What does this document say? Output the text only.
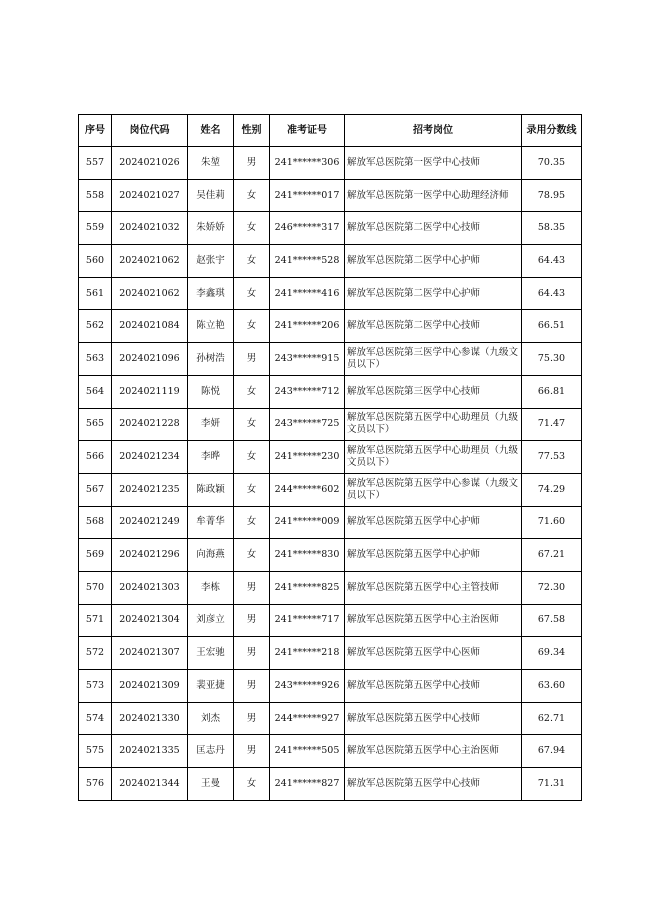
序号	岗位代码	姓名	性别	准考证号	招考岗位	录用分数线
557	2024021026	朱堃	男	241******306	解放军总医院第一医学中心技师	70.35
558	2024021027	吴佳莉	女	241******017	解放军总医院第一医学中心助理经济师	78.95
559	2024021032	朱娇娇	女	246******317	解放军总医院第二医学中心技师	58.35
560	2024021062	赵张宇	女	241******528	解放军总医院第二医学中心护师	64.43
561	2024021062	李鑫琪	女	241******416	解放军总医院第二医学中心护师	64.43
562	2024021084	陈立艳	女	241******206	解放军总医院第二医学中心技师	66.51
563	2024021096	孙树浩	男	243******915	解放军总医院第三医学中心参谋（九级文员以下）	75.30
564	2024021119	陈悦	女	243******712	解放军总医院第三医学中心技师	66.81
565	2024021228	李妍	女	243******725	解放军总医院第五医学中心助理员（九级文员以下）	71.47
566	2024021234	李晔	女	241******230	解放军总医院第五医学中心助理员（九级文员以下）	77.53
567	2024021235	陈政颖	女	244******602	解放军总医院第五医学中心参谋（九级文员以下）	74.29
568	2024021249	牟菁华	女	241******009	解放军总医院第五医学中心护师	71.60
569	2024021296	向海燕	女	241******830	解放军总医院第五医学中心护师	67.21
570	2024021303	李栋	男	241******825	解放军总医院第五医学中心主管技师	72.30
571	2024021304	刘彦立	男	241******717	解放军总医院第五医学中心主治医师	67.58
572	2024021307	王宏驰	男	241******218	解放军总医院第五医学中心医师	69.34
573	2024021309	裴亚捷	男	243******926	解放军总医院第五医学中心技师	63.60
574	2024021330	刘杰	男	244******927	解放军总医院第五医学中心技师	62.71
575	2024021335	匡志丹	男	241******505	解放军总医院第五医学中心主治医师	67.94
576	2024021344	王曼	女	241******827	解放军总医院第五医学中心技师	71.31
